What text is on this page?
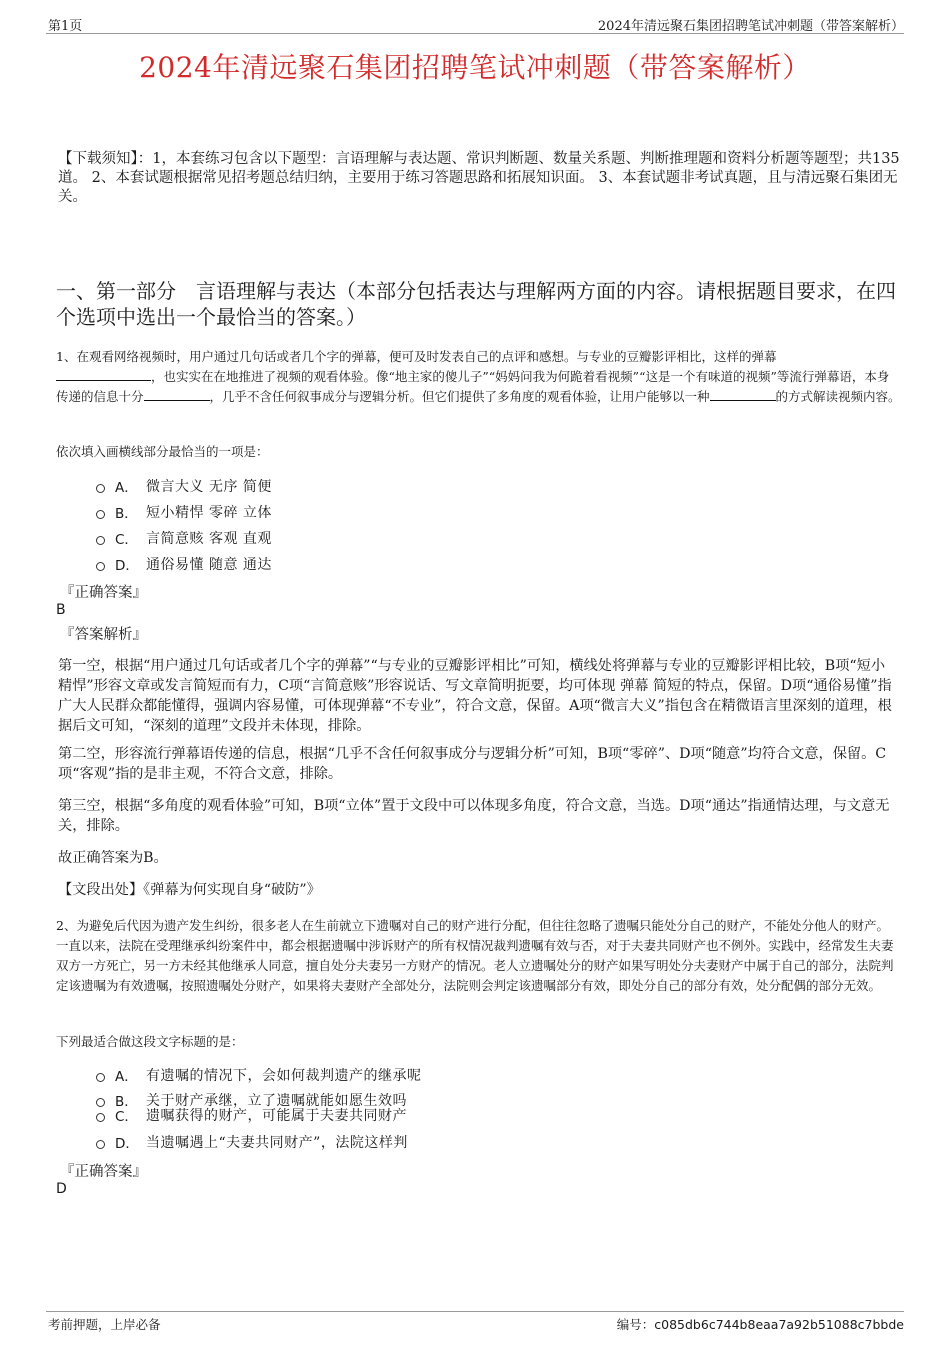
第1页	2024年清远聚石集团招聘笔试冲刺题（带答案解析）
2024年清远聚石集团招聘笔试冲刺题（带答案解析）
【下载须知】：1，本套练习包含以下题型：言语理解与表达题、常识判断题、数量关系题、判断推理题和资料分析题等题型；共135道。 2、本套试题根据常见招考题总结归纳，主要用于练习答题思路和拓展知识面。 3、本套试题非考试真题，且与清远聚石集团无关。
一、第一部分　言语理解与表达（本部分包括表达与理解两方面的内容。请根据题目要求，在四个选项中选出一个最恰当的答案。）
1、在观看网络视频时，用户通过几句话或者几个字的弹幕，便可及时发表自己的点评和感想。与专业的豆瓣影评相比，这样的弹幕
，也实实在在地推进了视频的观看体验。像“地主家的傻儿子”“妈妈问我为何跪着看视频”“这是一个有味道的视频”等流行弹幕语，本身传递的信息十分	，几乎不含任何叙事成分与逻辑分析。但它们提供了多角度的观看体验，让用户能够以一种	的方式解读视频内容。
依次填入画横线部分最恰当的一项是：
A． 微言大义 无序 简便
B． 短小精悍 零碎 立体
C． 言简意赅 客观 直观
D． 通俗易懂 随意 通达
『正确答案』
B
『答案解析』
第一空，根据“用户通过几句话或者几个字的弹幕”“与专业的豆瓣影评相比”可知，横线处将弹幕与专业的豆瓣影评相比较，B项“短小精悍”形容文章或发言简短而有力，C项“言简意赅”形容说话、写文章简明扼要，均可体现 弹幕 简短的特点，保留。D项“通俗易懂”指广大人民群众都能懂得，强调内容易懂，可体现弹幕“不专业”，符合文意，保留。A项“微言大义”指包含在精微语言里深刻的道理，根据后文可知，“深刻的道理”文段并未体现，排除。
第二空，形容流行弹幕语传递的信息，根据“几乎不含任何叙事成分与逻辑分析”可知，B项“零碎”、D项“随意”均符合文意，保留。C项“客观”指的是非主观，不符合文意，排除。
第三空，根据“多角度的观看体验”可知，B项“立体”置于文段中可以体现多角度，符合文意，当选。D项“通达”指通情达理，与文意无关，排除。
故正确答案为B。
【文段出处】《弹幕为何实现自身“破防”》
2、为避免后代因为遗产发生纠纷，很多老人在生前就立下遗嘱对自己的财产进行分配，但往往忽略了遗嘱只能处分自己的财产，不能处分他人的财产。一直以来，法院在受理继承纠纷案件中，都会根据遗嘱中涉诉财产的所有权情况裁判遗嘱有效与否，对于夫妻共同财产也不例外。实践中，经常发生夫妻双方一方死亡，另一方未经其他继承人同意，擅自处分夫妻另一方财产的情况。老人立遗嘱处分的财产如果写明处分夫妻财产中属于自己的部分，法院判定该遗嘱为有效遗嘱，按照遗嘱处分财产，如果将夫妻财产全部处分，法院则会判定该遗嘱部分有效，即处分自己的部分有效，处分配偶的部分无效。
下列最适合做这段文字标题的是：
A． 有遗嘱的情况下，会如何裁判遗产的继承呢
B． 关于财产承继，立了遗嘱就能如愿生效吗
C． 遗嘱获得的财产，可能属于夫妻共同财产
D． 当遗嘱遇上“夫妻共同财产”，法院这样判
『正确答案』
D
考前押题，上岸必备	编号：c085db6c744b8eaa7a92b51088c7bbde
